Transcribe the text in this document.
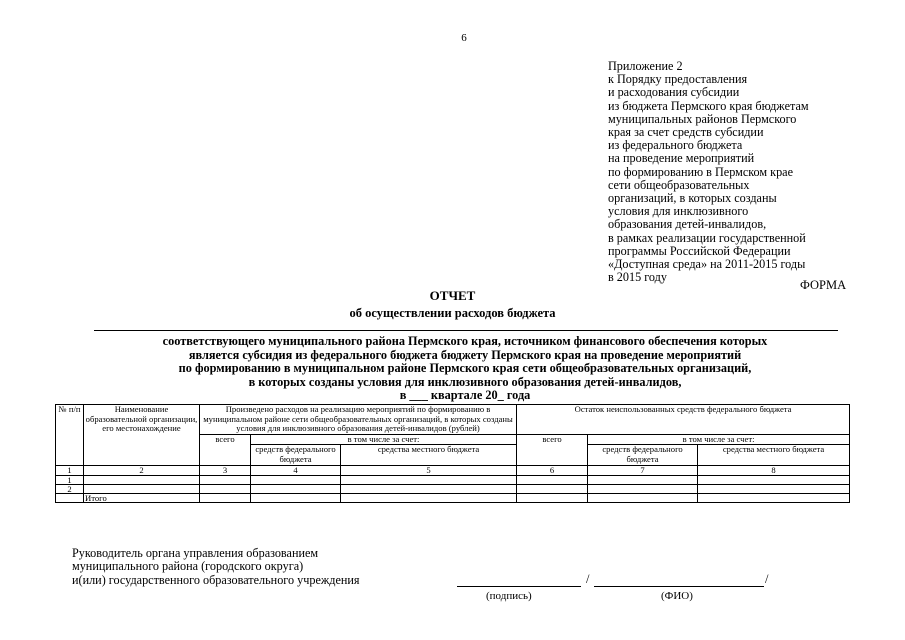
6
Приложение 2
к Порядку предоставления
и расходования субсидии
из бюджета Пермского края бюджетам
муниципальных районов Пермского
края за счет средств субсидии
из федерального бюджета
на проведение мероприятий
по формированию в Пермском крае
сети общеобразовательных
организаций, в которых созданы
условия для инклюзивного
образования детей-инвалидов,
в рамках реализации государственной
программы Российской Федерации
«Доступная среда» на 2011-2015 годы
в 2015 году
ФОРМА
ОТЧЕТ
об осуществлении расходов бюджета
соответствующего муниципального района Пермского края, источником финансового обеспечения которых
является субсидия из федерального бюджета бюджету Пермского края на проведение мероприятий
по формированию в муниципальном районе Пермского края сети общеобразовательных организаций,
в которых созданы условия для инклюзивного образования детей-инвалидов,
в ___ квартале 20_ года
№ п/п	Наименование образовательной организации, его местонахождение	Произведено расходов на реализацию мероприятий по формированию в муниципальном районе сети общеобразовательных организаций, в которых созданы условия для инклюзивного образования детей-инвалидов (рублей)			Остаток неиспользованных средств федерального бюджета		
		всего	в том числе за счет:		всего	в том числе за счет:	
			средств федерального бюджета	средства местного бюджета		средств федерального бюджета	средства местного бюджета
1	2	3	4	5	6	7	8
1							
2							
	Итого						
Руководитель органа управления образованием
муниципального района (городского округа)
и(или) государственного образовательного учреждения	/	/
(подпись)	(ФИО)
